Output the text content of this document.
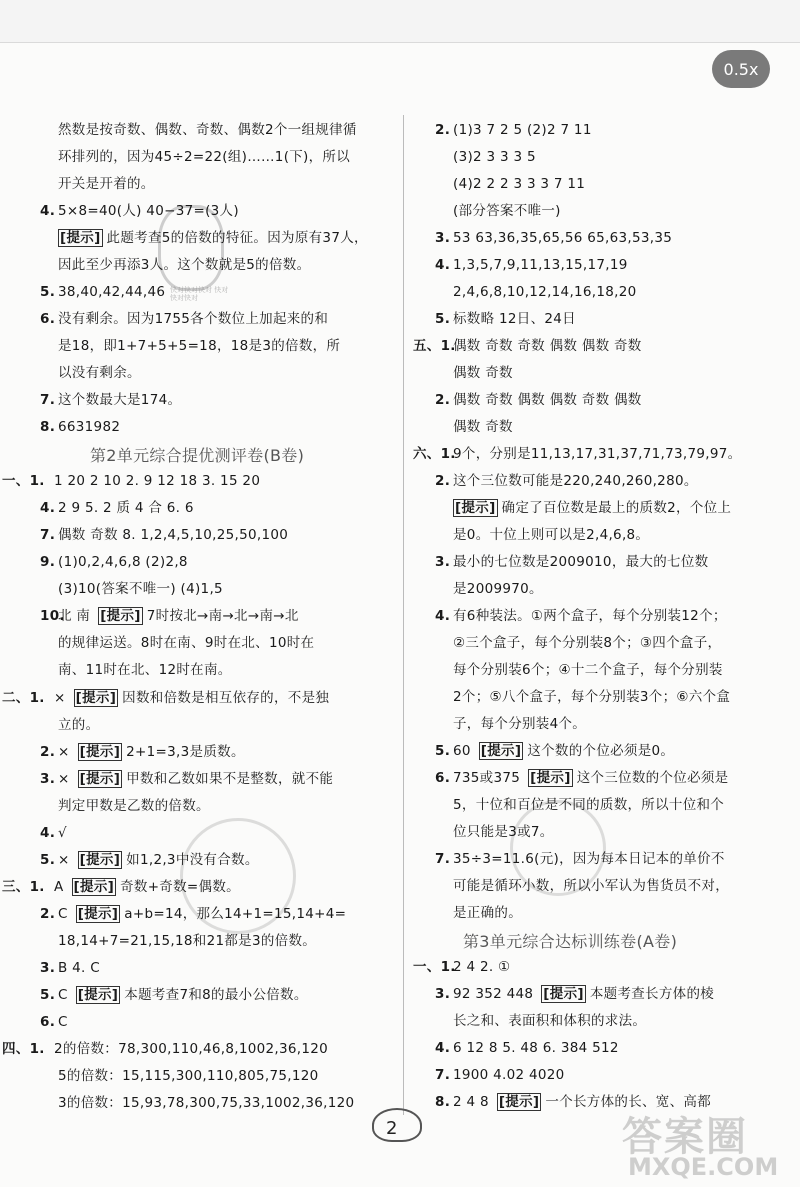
0.5x
快对快对快对 快对快对快对
然数是按奇数、偶数、奇数、偶数2个一组规律循
环排列的，因为45÷2=22(组)……1(下)，所以
开关是开着的。
4. 5×8=40(人) 40−37=(3人)
[提示] 此题考查5的倍数的特征。因为原有37人，
因此至少再添3人。这个数就是5的倍数。
5. 38,40,42,44,46
6. 没有剩余。因为1755各个数位上加起来的和
是18，即1+7+5+5=18，18是3的倍数，所
以没有剩余。
7. 这个数最大是174。
8. 6631982
第2单元综合提优测评卷(B卷)
一、1. 1 20 2 10 2. 9 12 18 3. 15 20
4. 2 9 5. 2 质 4 合 6. 6
7. 偶数 奇数 8. 1,2,4,5,10,25,50,100
9. (1)0,2,4,6,8 (2)2,8
(3)10(答案不唯一) (4)1,5
10.
北 南 [提示] 7时按北→南→北→南→北
的规律运送。8时在南、9时在北、10时在
南、11时在北、12时在南。
二、1. × [提示] 因数和倍数是相互依存的，不是独
立的。
2. × [提示] 2+1=3,3是质数。
3. × [提示] 甲数和乙数如果不是整数，就不能
判定甲数是乙数的倍数。
4. √
5. × [提示] 如1,2,3中没有合数。
三、1. A [提示] 奇数+奇数=偶数。
2. C [提示] a+b=14，那么14+1=15,14+4=
18,14+7=21,15,18和21都是3的倍数。
3. B 4. C
5. C [提示] 本题考查7和8的最小公倍数。
6. C
四、1. 2的倍数：78,300,110,46,8,1002,36,120
5的倍数：15,115,300,110,805,75,120
3的倍数：15,93,78,300,75,33,1002,36,120
2. (1)3 7 2 5 (2)2 7 11
(3)2 3 3 3 5
(4)2 2 2 3 3 3 7 11
(部分答案不唯一)
3. 53 63,36,35,65,56 65,63,53,35
4. 1,3,5,7,9,11,13,15,17,19
2,4,6,8,10,12,14,16,18,20
5. 标数略 12日、24日
五、1.
偶数 奇数 奇数 偶数 偶数 奇数
偶数 奇数
2. 偶数 奇数 偶数 偶数 奇数 偶数
偶数 奇数
六、1.
9个，分别是11,13,17,31,37,71,73,79,97。
2. 这个三位数可能是220,240,260,280。
[提示] 确定了百位数是最上的质数2，个位上
是0。十位上则可以是2,4,6,8。
3. 最小的七位数是2009010，最大的七位数
是2009970。
4. 有6种装法。①两个盒子，每个分别装12个；
②三个盒子，每个分别装8个；③四个盒子，
每个分别装6个；④十二个盒子，每个分别装
2个；⑤八个盒子，每个分别装3个；⑥六个盒
子，每个分别装4个。
5. 60 [提示] 这个数的个位必须是0。
6. 735或375 [提示] 这个三位数的个位必须是
5，十位和百位是不同的质数，所以十位和个
位只能是3或7。
7. 35÷3=11.6(元)，因为每本日记本的单价不
可能是循环小数，所以小军认为售货员不对，
是正确的。
第3单元综合达标训练卷(A卷)
一、1.
2 4 2. ①
3. 92 352 448 [提示] 本题考查长方体的棱
长之和、表面积和体积的求法。
4. 6 12 8 5. 48 6. 384 512
7. 1900 4.02 4020
8. 2 4 8 [提示] 一个长方体的长、宽、高都
2	答案圈
MXQE.COM
